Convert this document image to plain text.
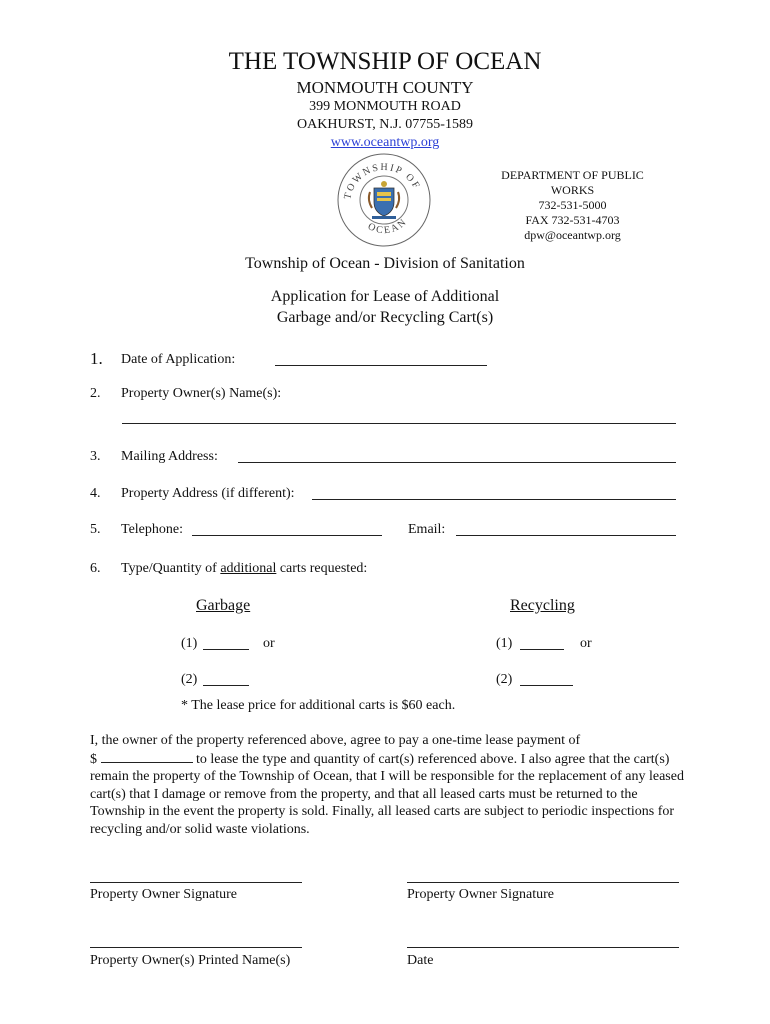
THE TOWNSHIP OF OCEAN
MONMOUTH COUNTY
399 MONMOUTH ROAD
OAKHURST, N.J. 07755-1589
www.oceantwp.org
TOWNSHIP OF
OCEAN
DEPARTMENT OF PUBLIC WORKS
732-531-5000
FAX 732-531-4703
dpw@oceantwp.org
Township of Ocean - Division of Sanitation
Application for Lease of Additional
Garbage and/or Recycling Cart(s)
1. Date of Application:
2. Property Owner(s) Name(s):
3. Mailing Address:
4. Property Address (if different):
5. Telephone:	Email:
6. Type/Quantity of additional carts requested:
Garbage	Recycling
(1)	or	(1)	or
(2)	(2)
* The lease price for additional carts is $60 each.
I, the owner of the property referenced above, agree to pay a one-time lease payment of
$	to lease the type and quantity of cart(s) referenced above. I also agree that the cart(s) remain the property of the Township of Ocean, that I will be responsible for the replacement of any leased cart(s) that I damage or remove from the property, and that all leased carts must be returned to the Township in the event the property is sold. Finally, all leased carts are subject to periodic inspections for recycling and/or solid waste violations.
Property Owner Signature	Property Owner Signature
Property Owner(s) Printed Name(s)	Date
